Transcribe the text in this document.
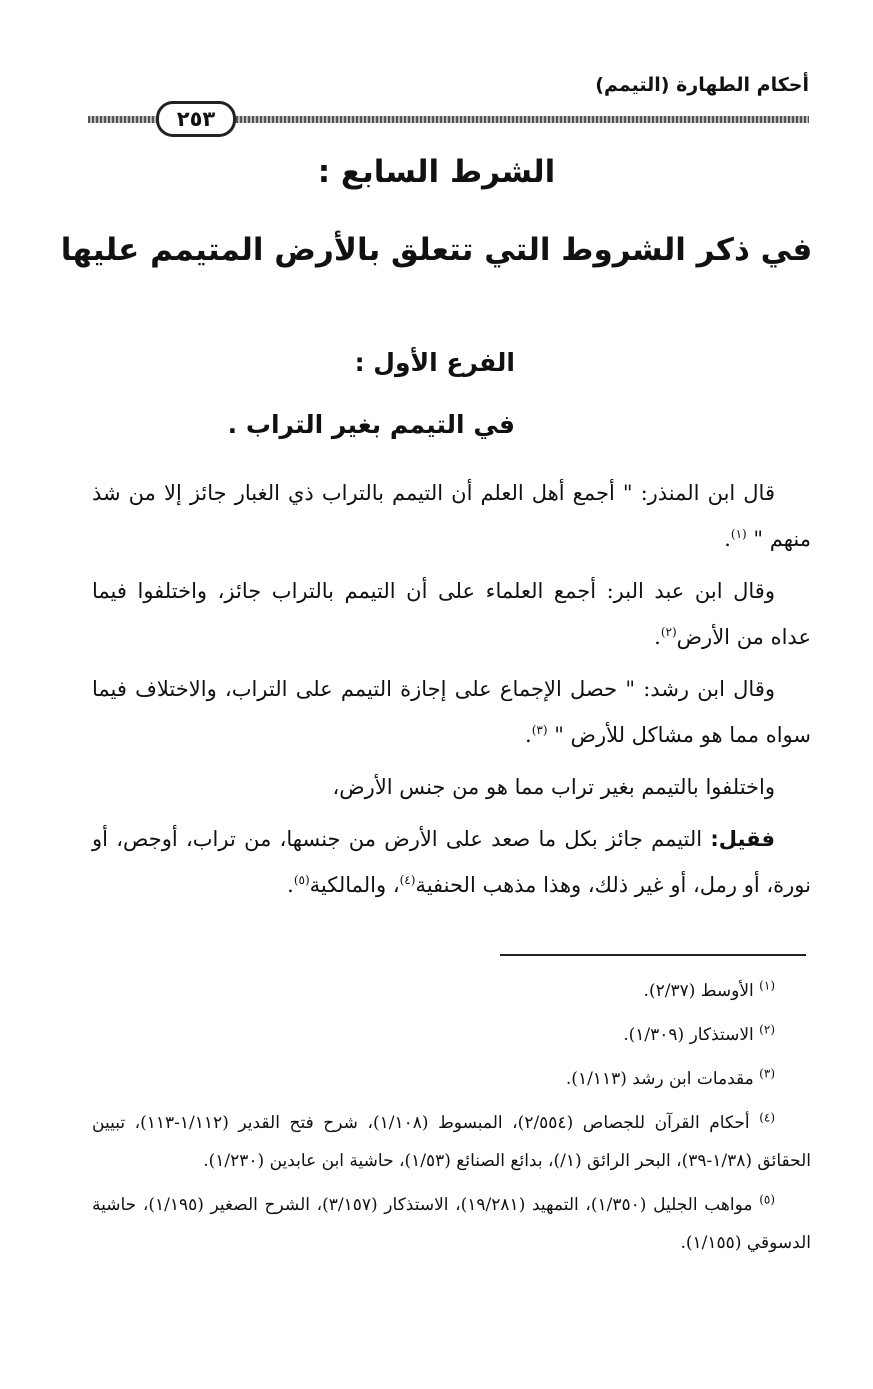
أحكام الطهارة (التيمم)
٢٥٣
الشرط السابع :
في ذكر الشروط التي تتعلق بالأرض المتيمم عليها
الفرع الأول :
في التيمم بغير التراب .

قال ابن المنذر: " أجمع أهل العلم أن التيمم بالتراب ذي الغبار جائز إلا من شذ منهم " $^{(١)}$.

وقال ابن عبد البر: أجمع العلماء على أن التيمم بالتراب جائز، واختلفوا فيما عداه من الأرض$^{(٢)}$.

وقال ابن رشد: " حصل الإجماع على إجازة التيمم على التراب، والاختلاف فيما سواه مما هو مشاكل للأرض " $^{(٣)}$.

واختلفوا بالتيمم بغير تراب مما هو من جنس الأرض،

فقيل: التيمم جائز بكل ما صعد على الأرض من جنسها، من تراب، أوجص، أو نورة، أو رمل، أو غير ذلك، وهذا مذهب الحنفية$^{(٤)}$، والمالكية$^{(٥)}$.

$^{(١)}$ الأوسط (٢/٣٧).

$^{(٢)}$ الاستذكار (١/٣٠٩).

$^{(٣)}$ مقدمات ابن رشد (١/١١٣).

$^{(٤)}$ أحكام القرآن للجصاص (٢/٥٥٤)، المبسوط (١/١٠٨)، شرح فتح القدير (١/١١٢-١١٣)، تبيين الحقائق (١/٣٨-٣٩)، البحر الرائق (١/)، بدائع الصنائع (١/٥٣)، حاشية ابن عابدين (١/٢٣٠).

$^{(٥)}$ مواهب الجليل (١/٣٥٠)، التمهيد (١٩/٢٨١)، الاستذكار (٣/١٥٧)، الشرح الصغير (١/١٩٥)، حاشية الدسوقي (١/١٥٥).
